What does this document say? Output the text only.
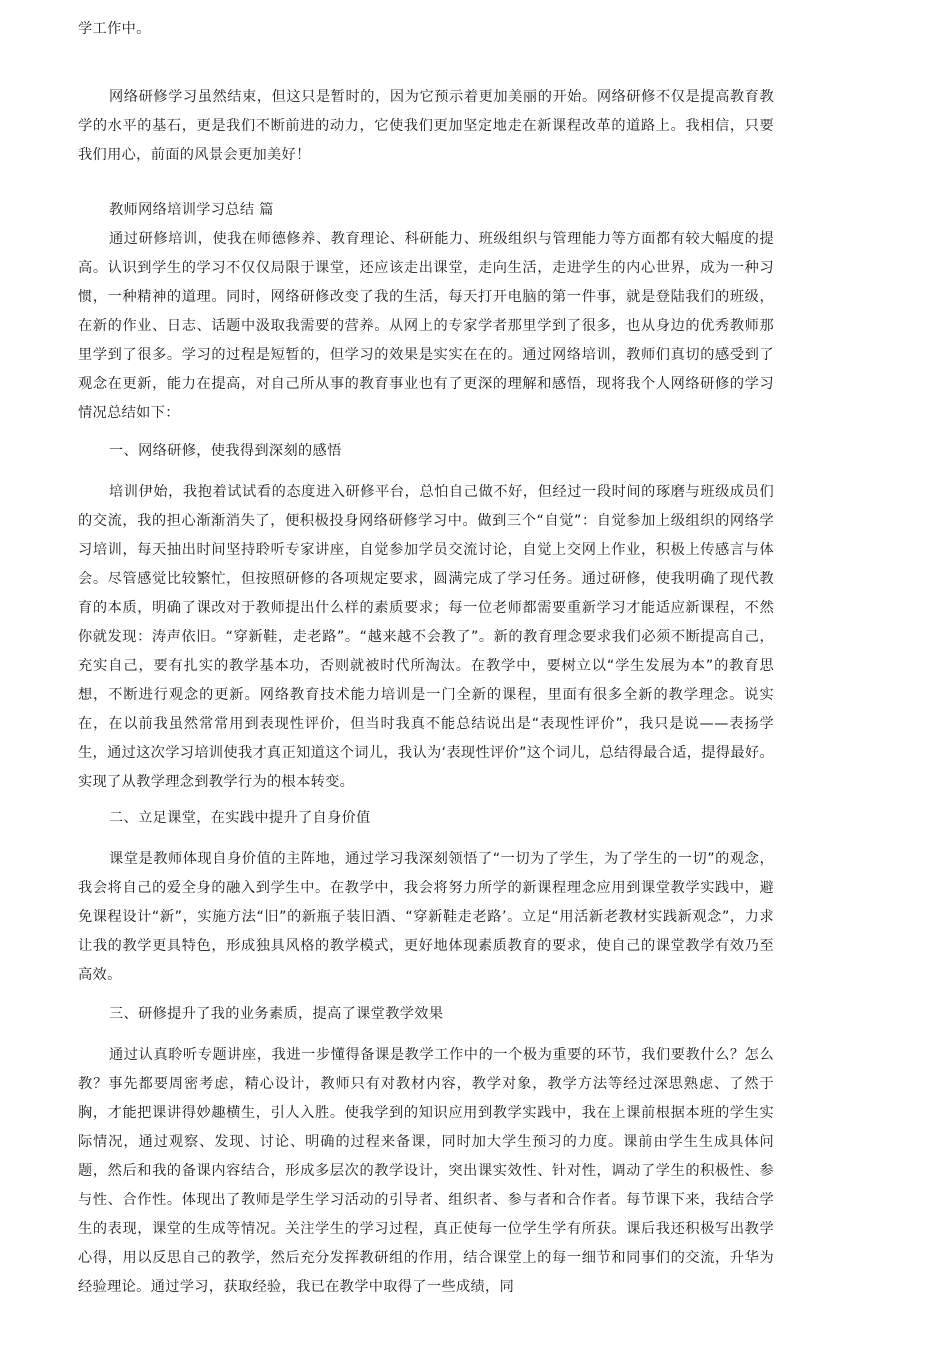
学工作中。

网络研修学习虽然结束，但这只是暂时的，因为它预示着更加美丽的开始。网络研修不仅是提高教育教学的水平的基石，更是我们不断前进的动力，它使我们更加坚定地走在新课程改革的道路上。我相信，只要我们用心，前面的风景会更加美好！

教师网络培训学习总结 篇

通过研修培训，使我在师德修养、教育理论、科研能力、班级组织与管理能力等方面都有较大幅度的提高。认识到学生的学习不仅仅局限于课堂，还应该走出课堂，走向生活，走进学生的内心世界，成为一种习惯，一种精神的道理。同时，网络研修改变了我的生活，每天打开电脑的第一件事，就是登陆我们的班级，在新的作业、日志、话题中汲取我需要的营养。从网上的专家学者那里学到了很多，也从身边的优秀教师那里学到了很多。学习的过程是短暂的，但学习的效果是实实在在的。通过网络培训，教师们真切的感受到了观念在更新，能力在提高，对自己所从事的教育事业也有了更深的理解和感悟，现将我个人网络研修的学习情况总结如下：

一、网络研修，使我得到深刻的感悟

培训伊始，我抱着试试看的态度进入研修平台，总怕自己做不好，但经过一段时间的琢磨与班级成员们的交流，我的担心渐渐消失了，便积极投身网络研修学习中。做到三个“自觉”：自觉参加上级组织的网络学习培训，每天抽出时间坚持聆听专家讲座，自觉参加学员交流讨论，自觉上交网上作业，积极上传感言与体会。尽管感觉比较繁忙，但按照研修的各项规定要求，圆满完成了学习任务。通过研修，使我明确了现代教育的本质，明确了课改对于教师提出什么样的素质要求；每一位老师都需要重新学习才能适应新课程，不然你就发现：涛声依旧。“穿新鞋，走老路”。“越来越不会教了”。新的教育理念要求我们必须不断提高自己，充实自己，要有扎实的教学基本功，否则就被时代所淘汰。在教学中，要树立以“学生发展为本”的教育思想，不断进行观念的更新。网络教育技术能力培训是一门全新的课程，里面有很多全新的教学理念。说实在，在以前我虽然常常用到表现性评价，但当时我真不能总结说出是“表现性评价”，我只是说——表扬学生，通过这次学习培训使我才真正知道这个词儿，我认为‘表现性评价”这个词儿，总结得最合适，提得最好。实现了从教学理念到教学行为的根本转变。

二、立足课堂，在实践中提升了自身价值

课堂是教师体现自身价值的主阵地，通过学习我深刻领悟了“一切为了学生，为了学生的一切”的观念，我会将自己的爱全身的融入到学生中。在教学中，我会将努力所学的新课程理念应用到课堂教学实践中，避免课程设计“新”，实施方法“旧”的新瓶子装旧酒、“穿新鞋走老路’。立足“用活新老教材实践新观念”，力求让我的教学更具特色，形成独具风格的教学模式，更好地体现素质教育的要求，使自己的课堂教学有效乃至高效。

三、研修提升了我的业务素质，提高了课堂教学效果

通过认真聆听专题讲座，我进一步懂得备课是教学工作中的一个极为重要的环节，我们要教什么？怎么教？事先都要周密考虑，精心设计，教师只有对教材内容，教学对象，教学方法等经过深思熟虑、了然于胸，才能把课讲得妙趣横生，引人入胜。使我学到的知识应用到教学实践中，我在上课前根据本班的学生实际情况，通过观察、发现、讨论、明确的过程来备课，同时加大学生预习的力度。课前由学生生成具体问题，然后和我的备课内容结合，形成多层次的教学设计，突出课实效性、针对性，调动了学生的积极性、参与性、合作性。体现出了教师是学生学习活动的引导者、组织者、参与者和合作者。每节课下来，我结合学生的表现，课堂的生成等情况。关注学生的学习过程，真正使每一位学生学有所获。课后我还积极写出教学心得，用以反思自己的教学，然后充分发挥教研组的作用，结合课堂上的每一细节和同事们的交流，升华为经验理论。通过学习，获取经验，我已在教学中取得了一些成绩，同
